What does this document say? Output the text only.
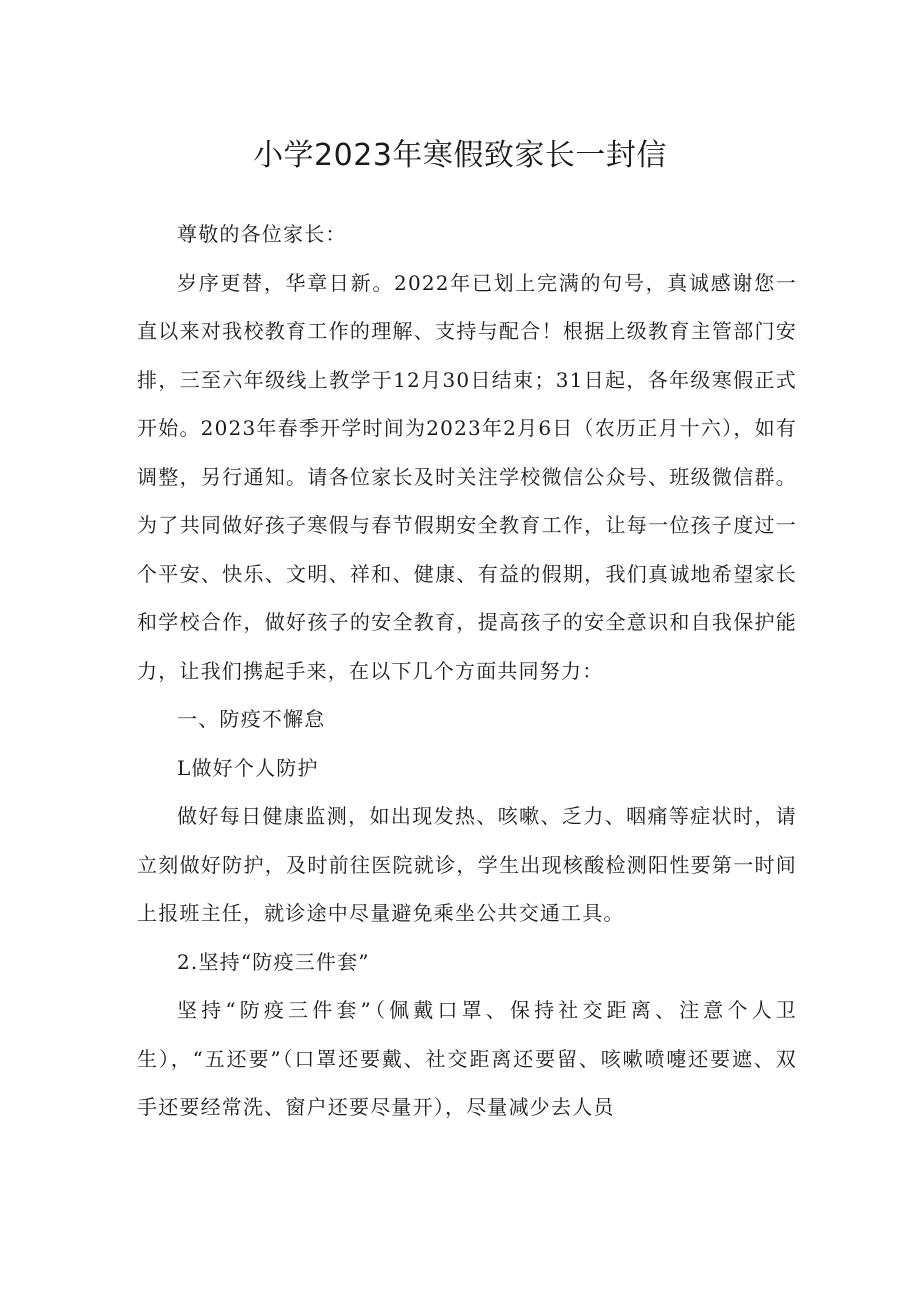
小学2023年寒假致家长一封信

尊敬的各位家长：

岁序更替，华章日新。2022年已划上完满的句号，真诚感谢您一直以来对我校教育工作的理解、支持与配合！根据上级教育主管部门安排，三至六年级线上教学于12月30日结束；31日起，各年级寒假正式开始。2023年春季开学时间为2023年2月6日（农历正月十六），如有调整，另行通知。请各位家长及时关注学校微信公众号、班级微信群。为了共同做好孩子寒假与春节假期安全教育工作，让每一位孩子度过一个平安、快乐、文明、祥和、健康、有益的假期，我们真诚地希望家长和学校合作，做好孩子的安全教育，提高孩子的安全意识和自我保护能力，让我们携起手来，在以下几个方面共同努力：

一、防疫不懈怠

L做好个人防护

做好每日健康监测，如出现发热、咳嗽、乏力、咽痛等症状时，请立刻做好防护，及时前往医院就诊，学生出现核酸检测阳性要第一时间上报班主任，就诊途中尽量避免乘坐公共交通工具。

2.坚持“防疫三件套”

坚持“防疫三件套”（佩戴口罩、保持社交距离、注意个人卫生），“五还要”（口罩还要戴、社交距离还要留、咳嗽喷嚏还要遮、双手还要经常洗、窗户还要尽量开），尽量减少去人员
